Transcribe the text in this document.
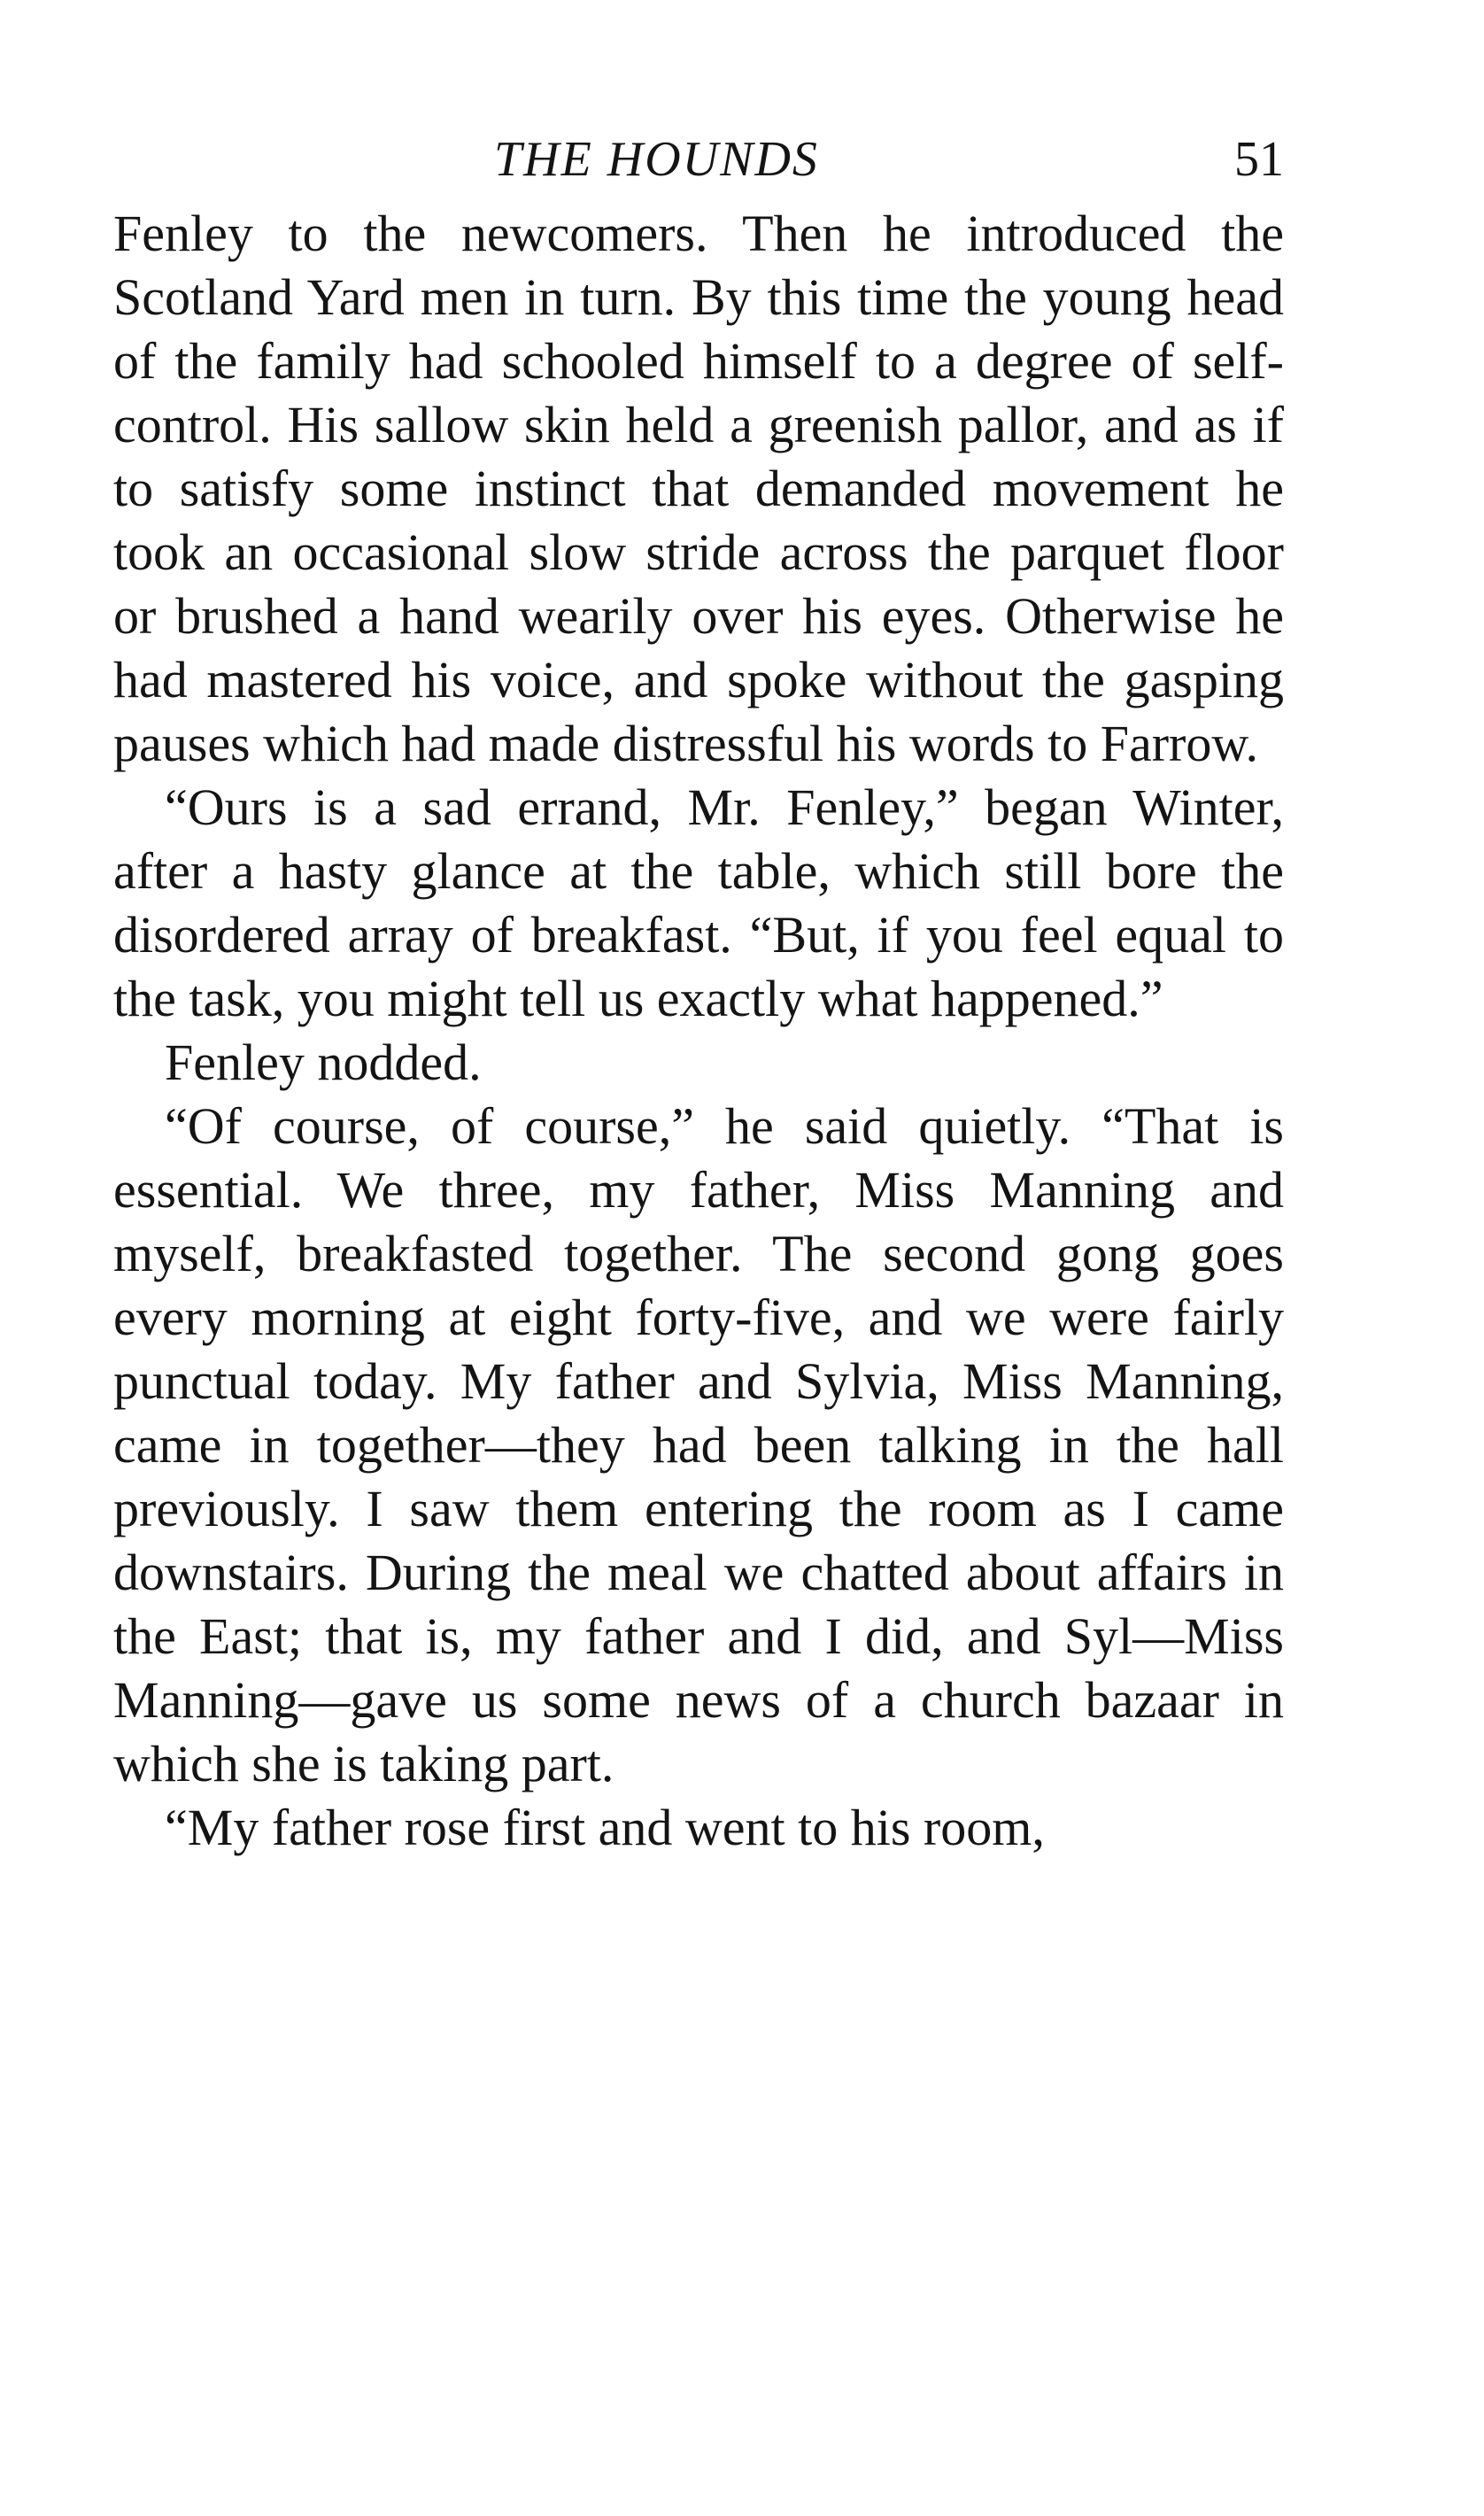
THE HOUNDS	51

Fenley to the newcomers. Then he introduced the Scotland Yard men in turn. By this time the young head of the family had schooled himself to a degree of self-control. His sallow skin held a greenish pallor, and as if to satisfy some instinct that demanded movement he took an occasional slow stride across the parquet floor or brushed a hand wearily over his eyes. Otherwise he had mastered his voice, and spoke without the gasping pauses which had made distressful his words to Farrow.

“Ours is a sad errand, Mr. Fenley,” began Winter, after a hasty glance at the table, which still bore the disordered array of breakfast. “But, if you feel equal to the task, you might tell us exactly what happened.”

Fenley nodded.

“Of course, of course,” he said quietly. “That is essential. We three, my father, Miss Manning and myself, breakfasted together. The second gong goes every morning at eight forty-five, and we were fairly punctual today. My father and Sylvia, Miss Manning, came in together—they had been talking in the hall previously. I saw them entering the room as I came downstairs. During the meal we chatted about affairs in the East; that is, my father and I did, and Syl—Miss Manning—gave us some news of a church bazaar in which she is taking part.

“My father rose first and went to his room,
